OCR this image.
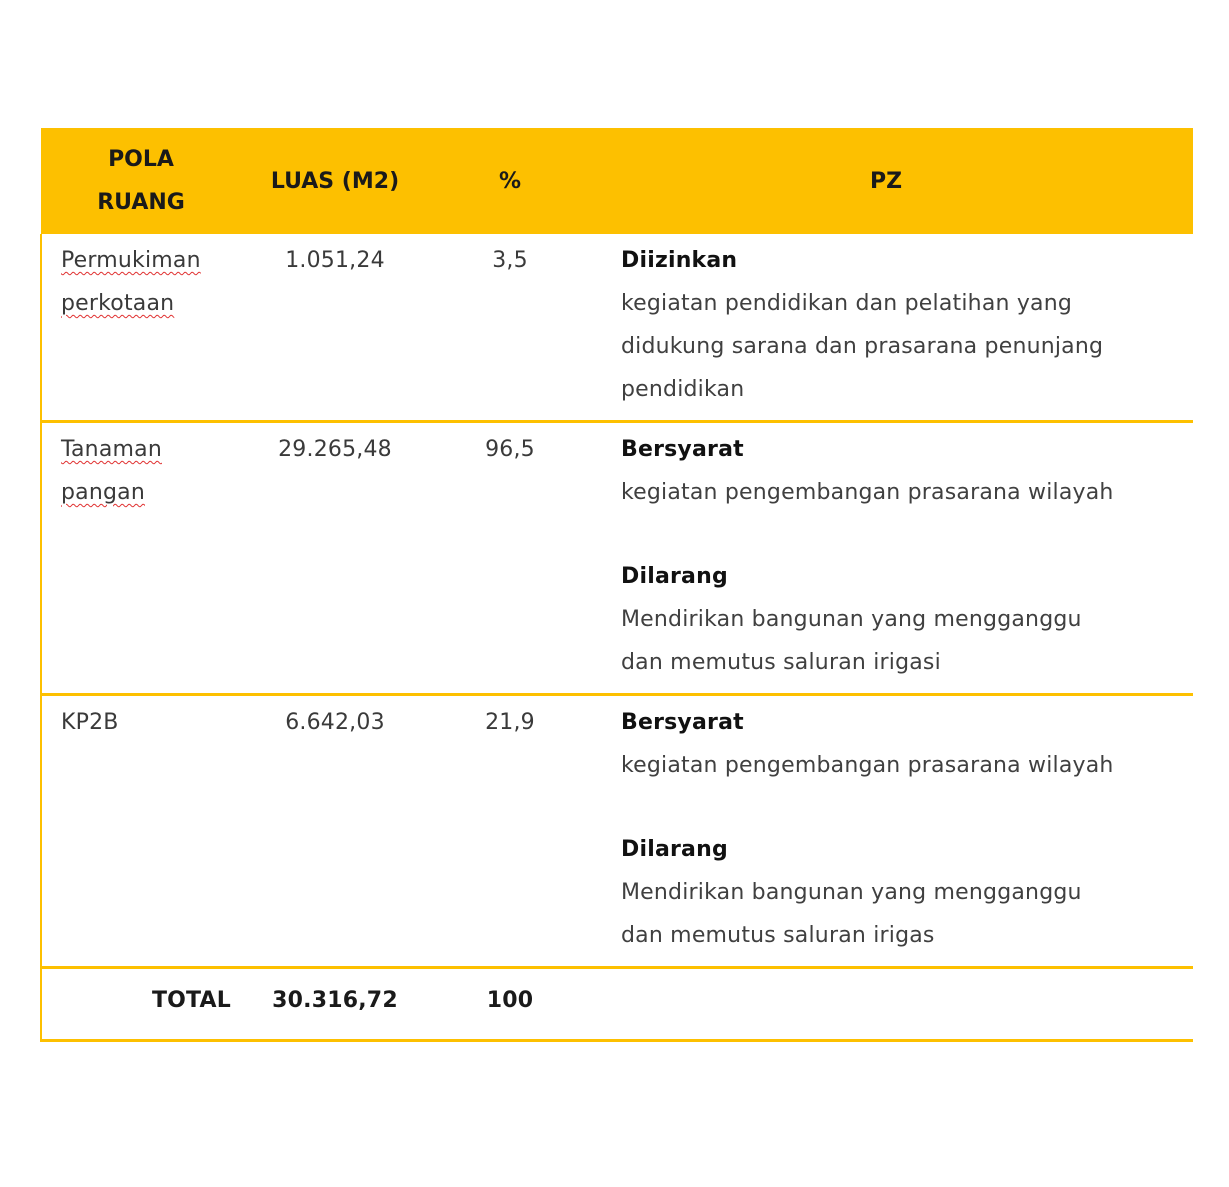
POLA
RUANG	LUAS (M2)	%	PZ
Permukiman
perkotaan	1.051,24	3,5	Diizinkan
kegiatan pendidikan dan pelatihan yang
didukung sarana dan prasarana penunjang
pendidikan

Tanaman
pangan	29.265,48	96,5	Bersyarat
kegiatan pengembangan prasarana wilayah
Dilarang
Mendirikan bangunan yang mengganggu
dan memutus saluran irigasi

KP2B	6.642,03	21,9	Bersyarat
kegiatan pengembangan prasarana wilayah
Dilarang
Mendirikan bangunan yang mengganggu
dan memutus saluran irigas

TOTAL	30.316,72	100	
